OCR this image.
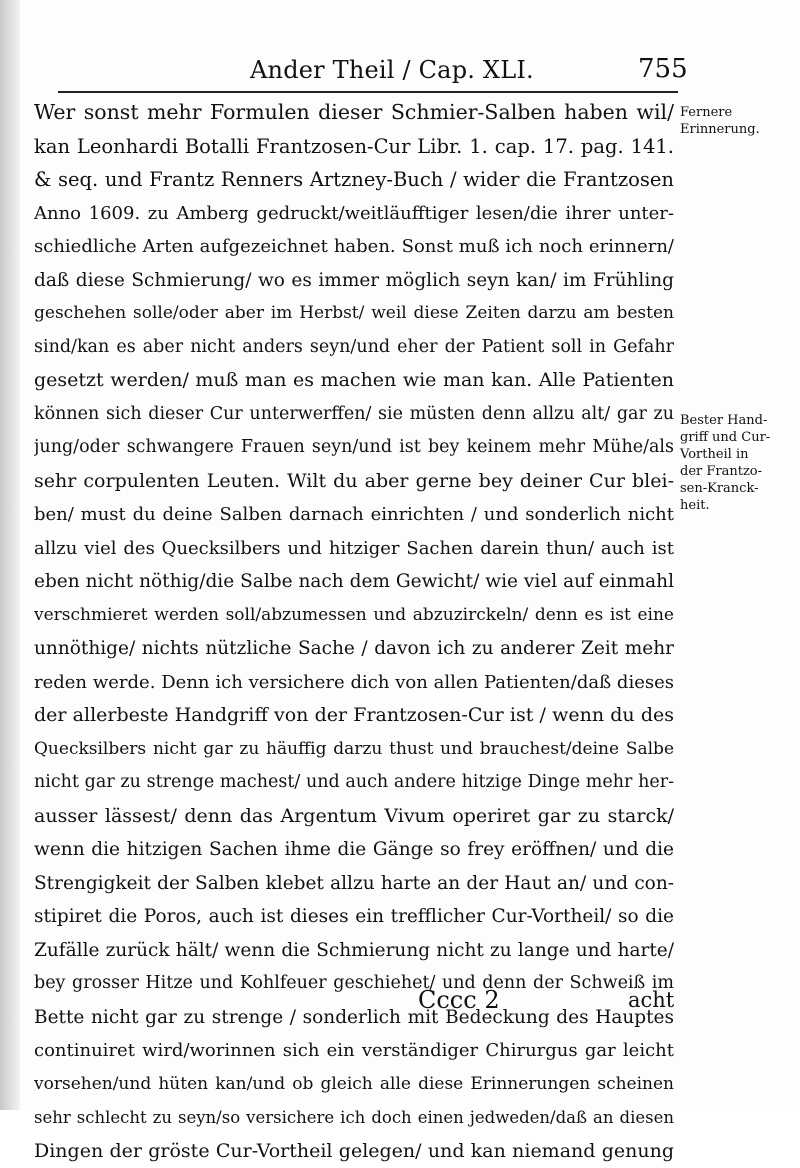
Ander Theil / Cap. XLI.	755
Wer sonst mehr Formulen dieser Schmier-Salben haben wil/
kan Leonhardi Botalli Frantzosen-Cur Libr. 1. cap. 17. pag. 141.
& seq. und Frantz Renners Artzney-Buch / wider die Frantzosen
Anno 1609. zu Amberg gedruckt/weitläufftiger lesen/die ihrer unter-
schiedliche Arten aufgezeichnet haben. Sonst muß ich noch erinnern/
daß diese Schmierung/ wo es immer möglich seyn kan/ im Frühling
geschehen solle/oder aber im Herbst/ weil diese Zeiten darzu am besten
sind/kan es aber nicht anders seyn/und eher der Patient soll in Gefahr
gesetzt werden/ muß man es machen wie man kan. Alle Patienten
können sich dieser Cur unterwerffen/ sie müsten denn allzu alt/ gar zu
jung/oder schwangere Frauen seyn/und ist bey keinem mehr Mühe/als
sehr corpulenten Leuten. Wilt du aber gerne bey deiner Cur blei-
ben/ must du deine Salben darnach einrichten / und sonderlich nicht
allzu viel des Quecksilbers und hitziger Sachen darein thun/ auch ist
eben nicht nöthig/die Salbe nach dem Gewicht/ wie viel auf einmahl
verschmieret werden soll/abzumessen und abzuzirckeln/ denn es ist eine
unnöthige/ nichts nützliche Sache / davon ich zu anderer Zeit mehr
reden werde. Denn ich versichere dich von allen Patienten/daß dieses
der allerbeste Handgriff von der Frantzosen-Cur ist / wenn du des
Quecksilbers nicht gar zu häuffig darzu thust und brauchest/deine Salbe
nicht gar zu strenge machest/ und auch andere hitzige Dinge mehr her-
ausser lässest/ denn das Argentum Vivum operiret gar zu starck/
wenn die hitzigen Sachen ihme die Gänge so frey eröffnen/ und die
Strengigkeit der Salben klebet allzu harte an der Haut an/ und con-
stipiret die Poros, auch ist dieses ein trefflicher Cur-Vortheil/ so die
Zufälle zurück hält/ wenn die Schmierung nicht zu lange und harte/
bey grosser Hitze und Kohlfeuer geschiehet/ und denn der Schweiß im
Bette nicht gar zu strenge / sonderlich mit Bedeckung des Hauptes
continuiret wird/worinnen sich ein verständiger Chirurgus gar leicht
vorsehen/und hüten kan/und ob gleich alle diese Erinnerungen scheinen
sehr schlecht zu seyn/so versichere ich doch einen jedweden/daß an diesen
Dingen der gröste Cur-Vortheil gelegen/ und kan niemand genung
Fernere
Erinnerung.
Bester Hand-
griff und Cur-
Vortheil in
der Frantzo-
sen-Kranck-
heit.
Cccc 2	acht
